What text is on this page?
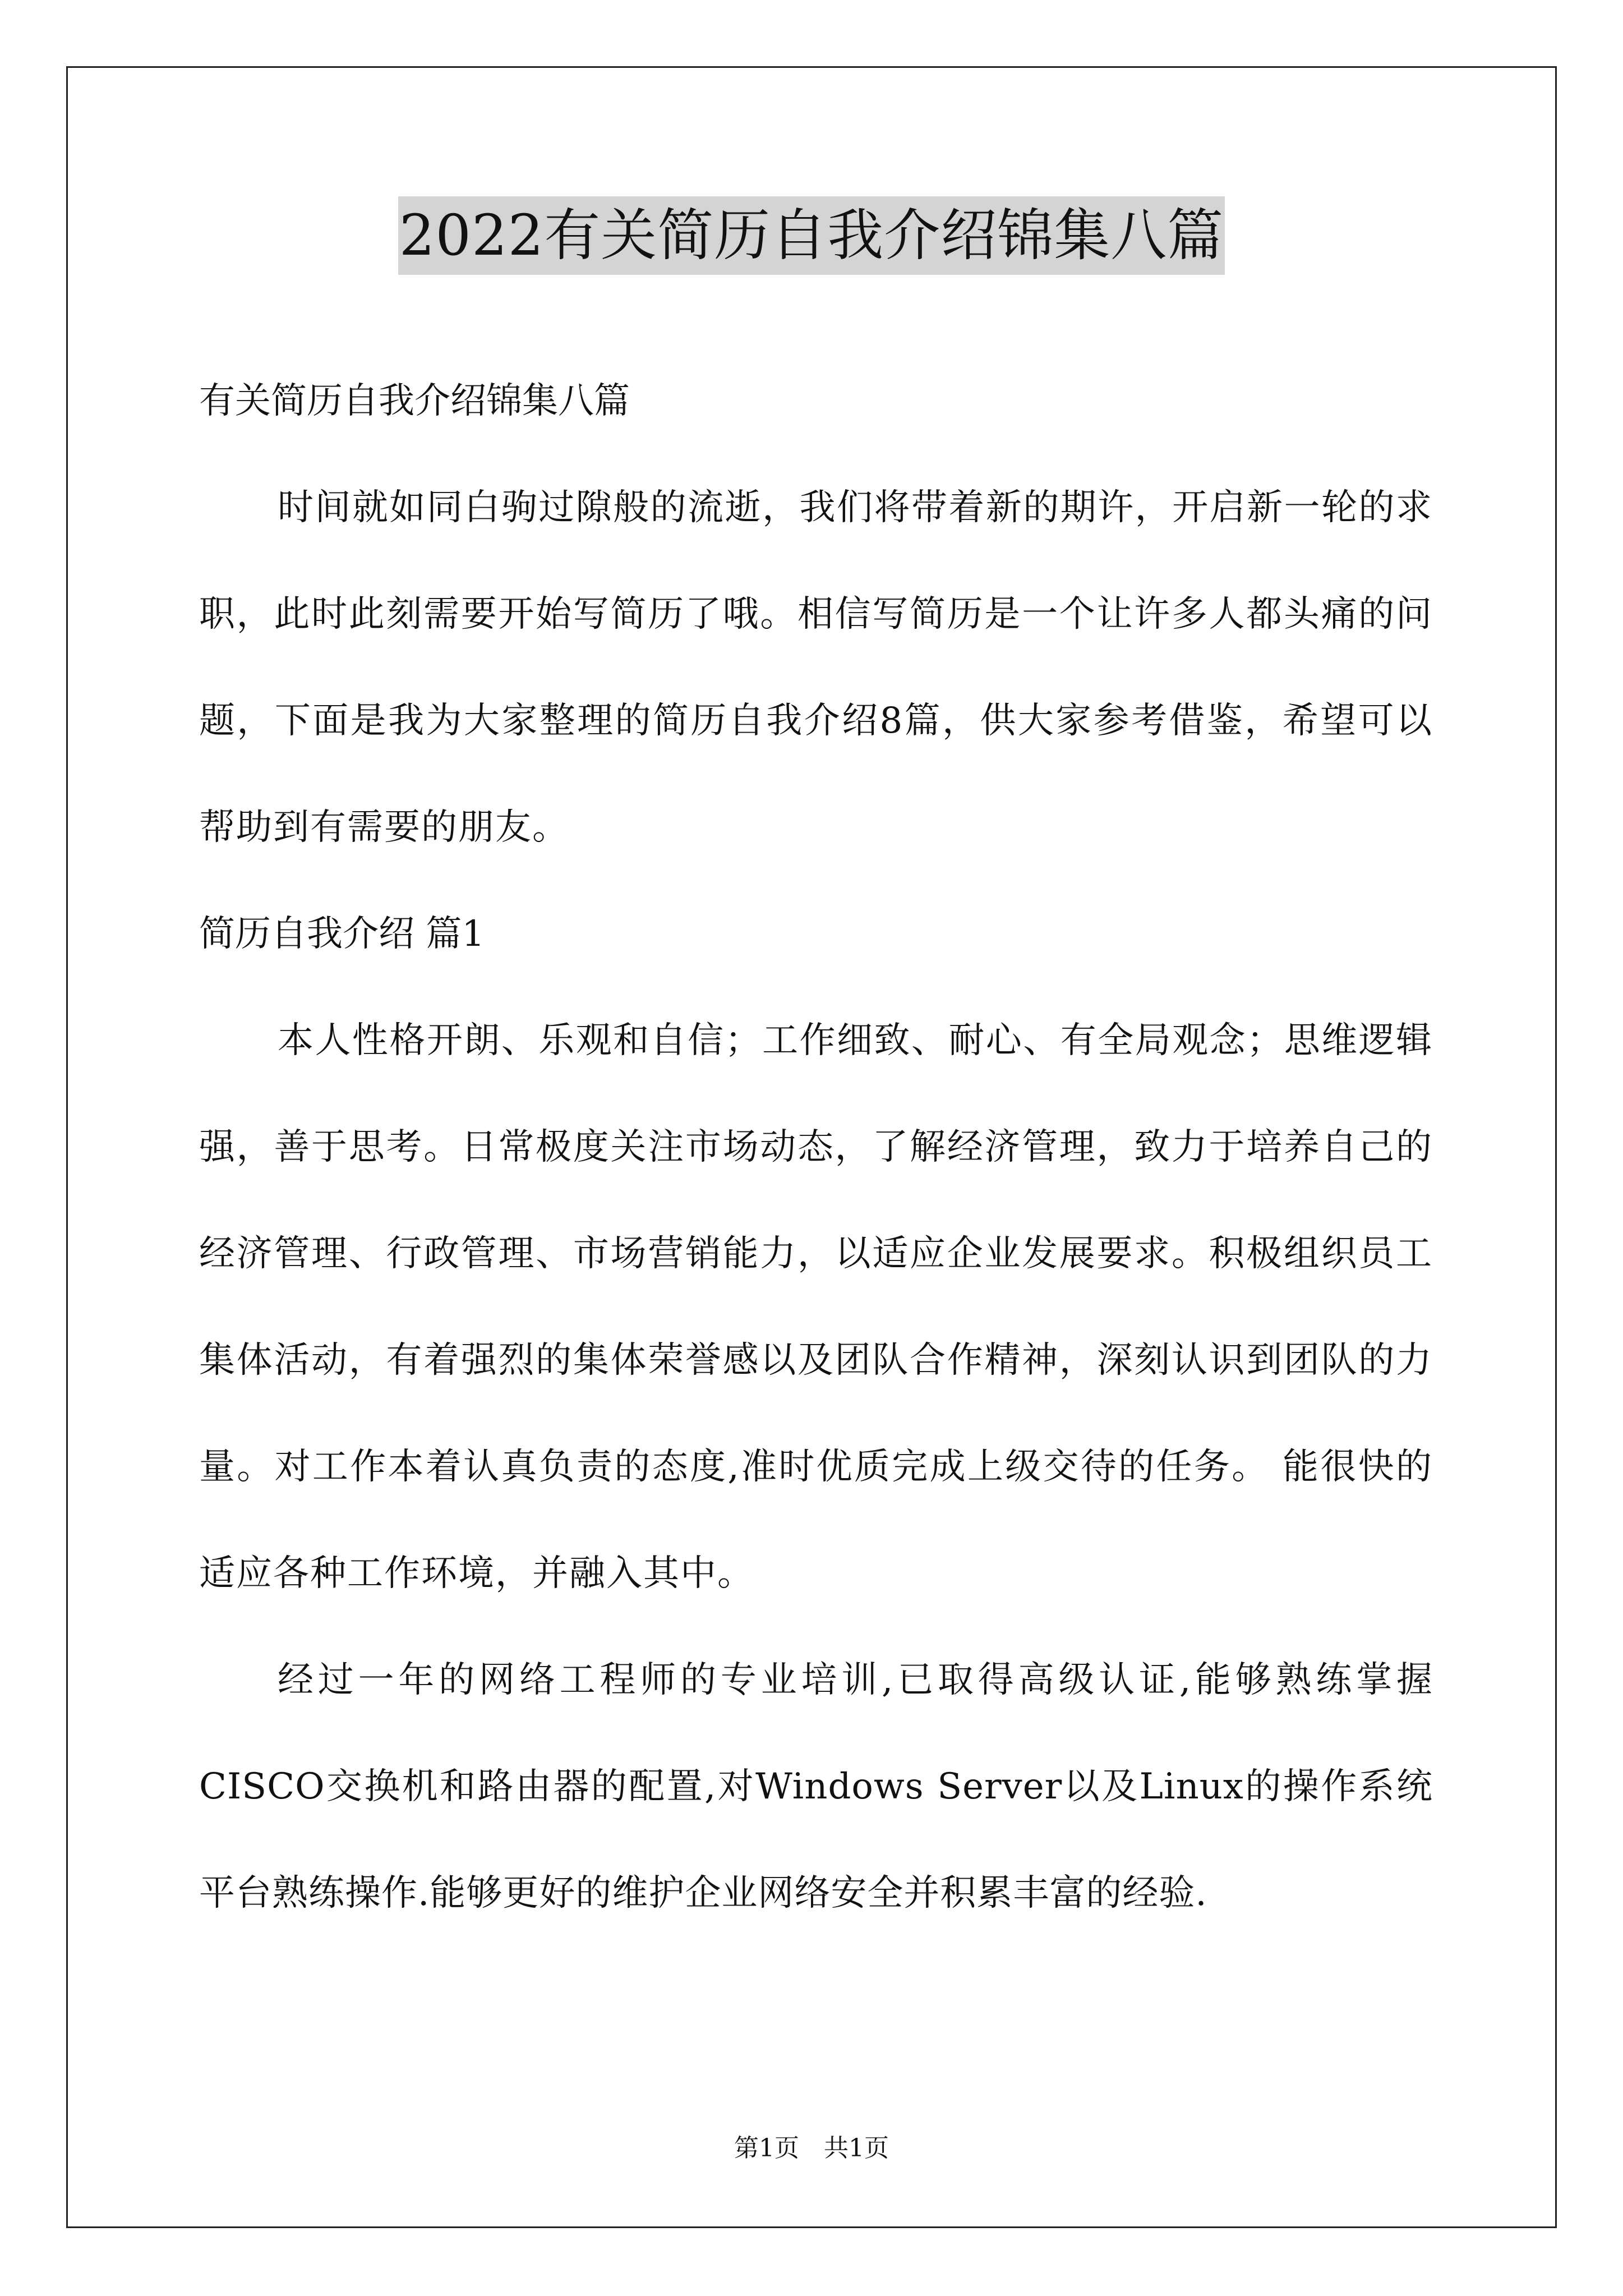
2022有关简历自我介绍锦集八篇
有关简历自我介绍锦集八篇

时间就如同白驹过隙般的流逝，我们将带着新的期许，开启新一轮的求职，此时此刻需要开始写简历了哦。相信写简历是一个让许多人都头痛的问题，下面是我为大家整理的简历自我介绍8篇，供大家参考借鉴，希望可以帮助到有需要的朋友。

简历自我介绍 篇1

本人性格开朗、乐观和自信；工作细致、耐心、有全局观念；思维逻辑强，善于思考。日常极度关注市场动态，了解经济管理，致力于培养自己的经济管理、行政管理、市场营销能力，以适应企业发展要求。积极组织员工集体活动，有着强烈的集体荣誉感以及团队合作精神，深刻认识到团队的力量。对工作本着认真负责的态度,准时优质完成上级交待的任务。 能很快的适应各种工作环境，并融入其中。

经过一年的网络工程师的专业培训,已取得高级认证,能够熟练掌握CISCO交换机和路由器的配置,对Windows Server以及Linux的操作系统平台熟练操作.能够更好的维护企业网络安全并积累丰富的经验.

第1页　共1页
